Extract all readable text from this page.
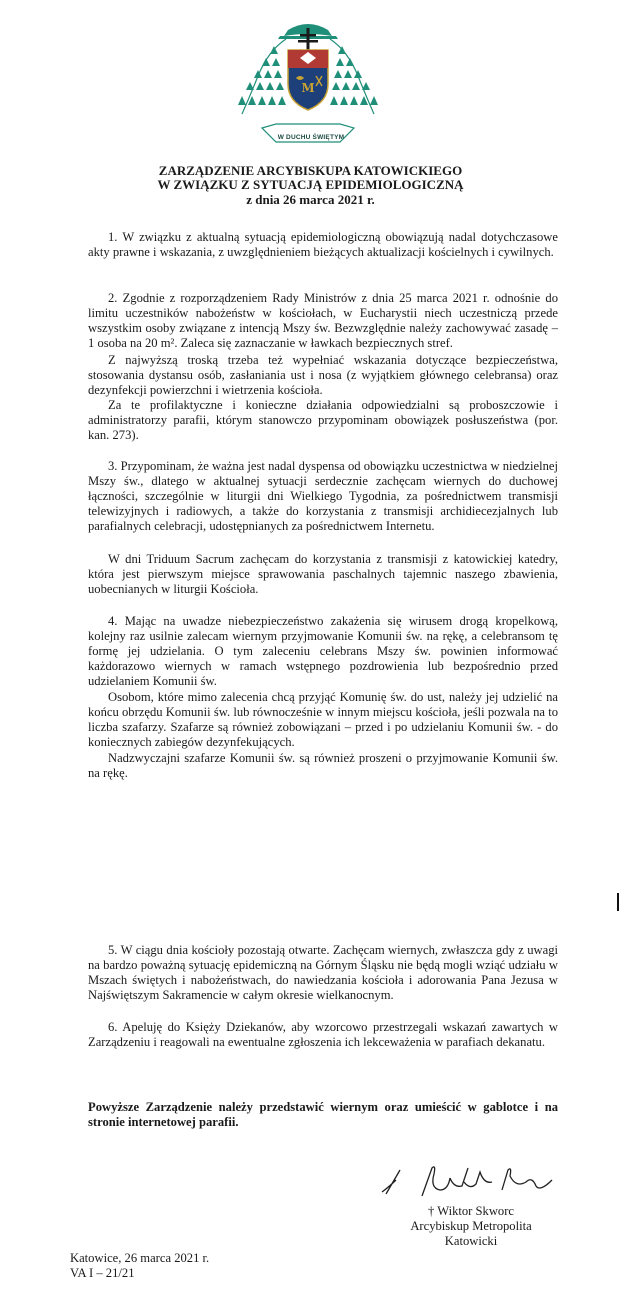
M
W DUCHU ŚWIĘTYM
ZARZĄDZENIE ARCYBISKUPA KATOWICKIEGO
W ZWIĄZKU Z SYTUACJĄ EPIDEMIOLOGICZNĄ
z dnia 26 marca 2021 r.

1. W związku z aktualną sytuacją epidemiologiczną obowiązują nadal dotychczasowe akty prawne i wskazania, z uwzględnieniem bieżących aktualizacji kościelnych i cywilnych.

2. Zgodnie z rozporządzeniem Rady Ministrów z dnia 25 marca 2021 r. odnośnie do limitu uczestników nabożeństw w kościołach, w Eucharystii niech uczestniczą przede wszystkim osoby związane z intencją Mszy św. Bezwzględnie należy zachowywać zasadę – 1 osoba na 20 m². Zaleca się zaznaczanie w ławkach bezpiecznych stref.

Z najwyższą troską trzeba też wypełniać wskazania dotyczące bezpieczeństwa, stosowania dystansu osób, zasłaniania ust i nosa (z wyjątkiem głównego celebransa) oraz dezynfekcji powierzchni i wietrzenia kościoła.

Za te profilaktyczne i konieczne działania odpowiedzialni są proboszczowie i administratorzy parafii, którym stanowczo przypominam obowiązek posłuszeństwa (por. kan. 273).

3. Przypominam, że ważna jest nadal dyspensa od obowiązku uczestnictwa w niedzielnej Mszy św., dlatego w aktualnej sytuacji serdecznie zachęcam wiernych do duchowej łączności, szczególnie w liturgii dni Wielkiego Tygodnia, za pośrednictwem transmisji telewizyjnych i radiowych, a także do korzystania z transmisji archidiecezjalnych lub parafialnych celebracji, udostępnianych za pośrednictwem Internetu.

W dni Triduum Sacrum zachęcam do korzystania z transmisji z katowickiej katedry, która jest pierwszym miejsce sprawowania paschalnych tajemnic naszego zbawienia, uobecnianych w liturgii Kościoła.

4. Mając na uwadze niebezpieczeństwo zakażenia się wirusem drogą kropelkową, kolejny raz usilnie zalecam wiernym przyjmowanie Komunii św. na rękę, a celebransom tę formę jej udzielania. O tym zaleceniu celebrans Mszy św. powinien informować każdorazowo wiernych w ramach wstępnego pozdrowienia lub bezpośrednio przed udzielaniem Komunii św.

Osobom, które mimo zalecenia chcą przyjąć Komunię św. do ust, należy jej udzielić na końcu obrzędu Komunii św. lub równocześnie w innym miejscu kościoła, jeśli pozwala na to liczba szafarzy. Szafarze są również zobowiązani – przed i po udzielaniu Komunii św. - do koniecznych zabiegów dezynfekujących.

Nadzwyczajni szafarze Komunii św. są również proszeni o przyjmowanie Komunii św. na rękę.

5. W ciągu dnia kościoły pozostają otwarte. Zachęcam wiernych, zwłaszcza gdy z uwagi na bardzo poważną sytuację epidemiczną na Górnym Śląsku nie będą mogli wziąć udziału w Mszach świętych i nabożeństwach, do nawiedzania kościoła i adorowania Pana Jezusa w Najświętszym Sakramencie w całym okresie wielkanocnym.

6. Apeluję do Księży Dziekanów, aby wzorcowo przestrzegali wskazań zawartych w Zarządzeniu i reagowali na ewentualne zgłoszenia ich lekceważenia w parafiach dekanatu.

Powyższe Zarządzenie należy przedstawić wiernym oraz umieścić w gablotce i na stronie internetowej parafii.

† Wiktor Skworc
Arcybiskup Metropolita
Katowicki
Katowice, 26 marca 2021 r.
VA I – 21/21
